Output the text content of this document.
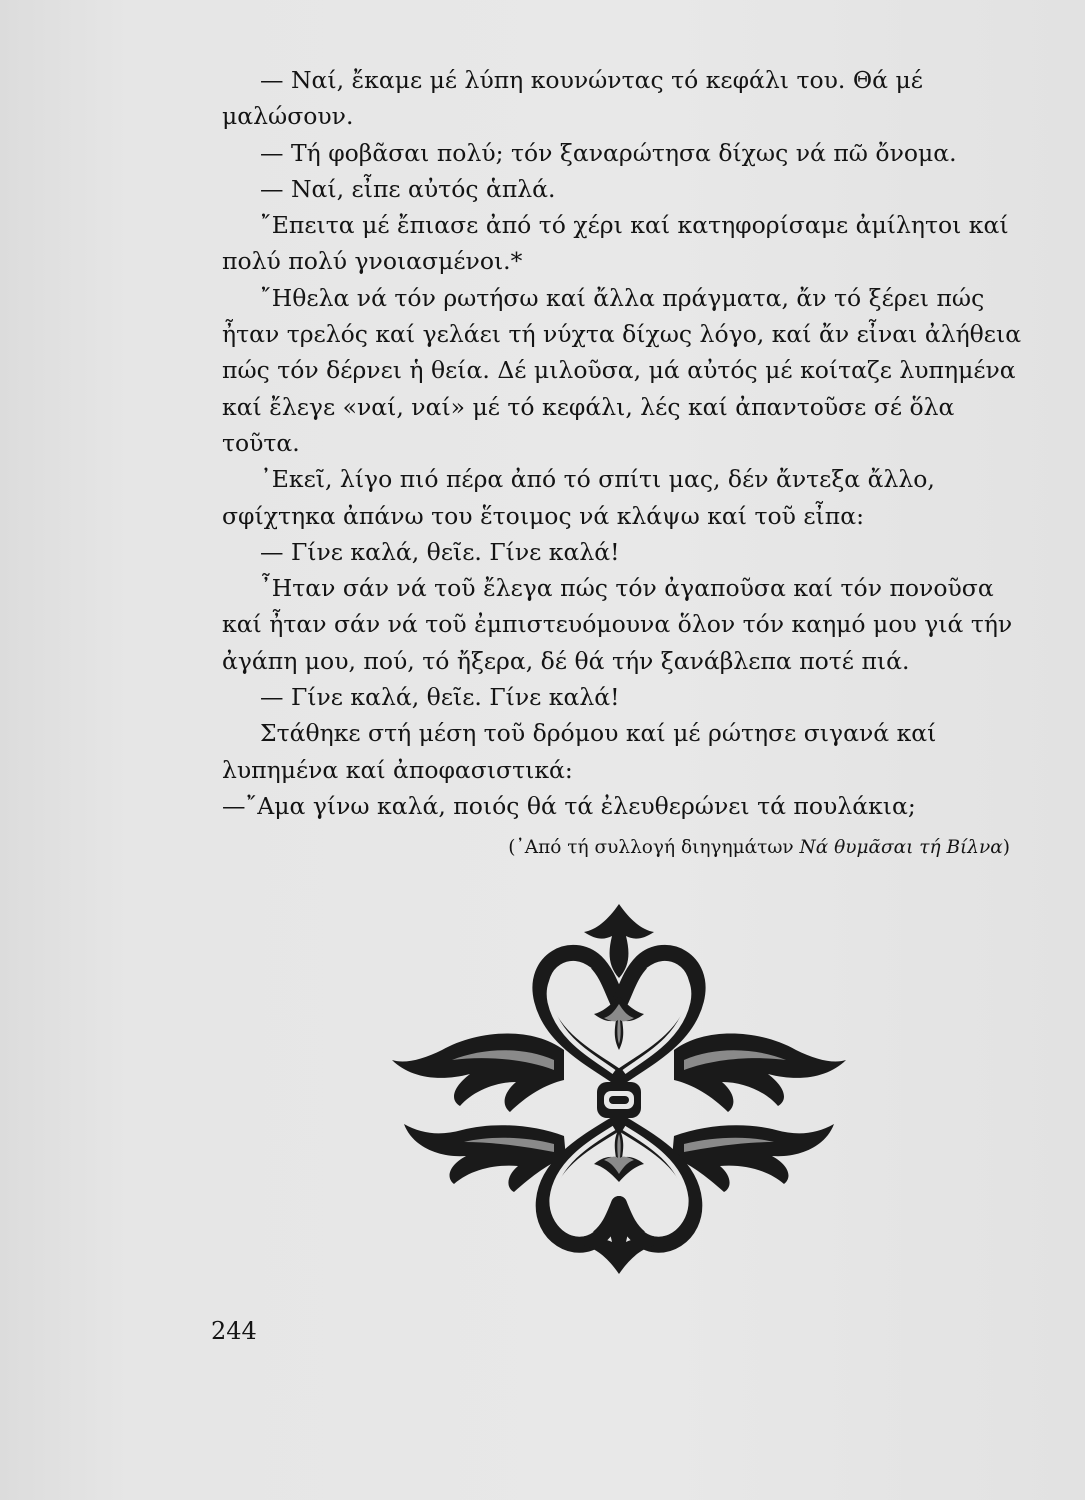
— Ναί, ἔκαμε μέ λύπη κουνώντας τό κεφάλι του. Θά μέ μαλώσουν.

— Τή φοβᾶσαι πολύ; τόν ξαναρώτησα δίχως νά πῶ ὄνομα.

— Ναί, εἶπε αὐτός ἁπλά.

῎Επειτα μέ ἔπιασε ἀπό τό χέρι καί κατηφορίσαμε ἀμίλητοι καί πολύ πολύ γνοιασμένοι.*

῎Ηθελα νά τόν ρωτήσω καί ἄλλα πράγματα, ἄν τό ξέρει πώς ἦταν τρελός καί γελάει τή νύχτα δίχως λόγο, καί ἄν εἶναι ἀλήθεια πώς τόν δέρνει ἡ θεία. Δέ μιλοῦσα, μά αὐτός μέ κοίταζε λυπημένα καί ἔλεγε «ναί, ναί» μέ τό κεφάλι, λές καί ἀπαντοῦσε σέ ὅλα τοῦτα.

᾿Εκεῖ, λίγο πιό πέρα ἀπό τό σπίτι μας, δέν ἄντεξα ἄλλο, σφίχτηκα ἀπάνω του ἕτοιμος νά κλάψω καί τοῦ εἶπα:

— Γίνε καλά, θεῖε. Γίνε καλά!

῏Ηταν σάν νά τοῦ ἔλεγα πώς τόν ἀγαποῦσα καί τόν πονοῦσα καί ἦταν σάν νά τοῦ ἐμπιστευόμουνα ὅλον τόν καημό μου γιά τήν ἀγάπη μου, πού, τό ἤξερα, δέ θά τήν ξανάβλεπα ποτέ πιά.

— Γίνε καλά, θεῖε. Γίνε καλά!

Στάθηκε στή μέση τοῦ δρόμου καί μέ ρώτησε σιγανά καί λυπημένα καί ἀποφασιστικά:

—῎Αμα γίνω καλά, ποιός θά τά ἐλευθερώνει τά πουλάκια;

(᾿Από τή συλλογή διηγημάτων Νά θυμᾶσαι τή Βίλνα)
244
